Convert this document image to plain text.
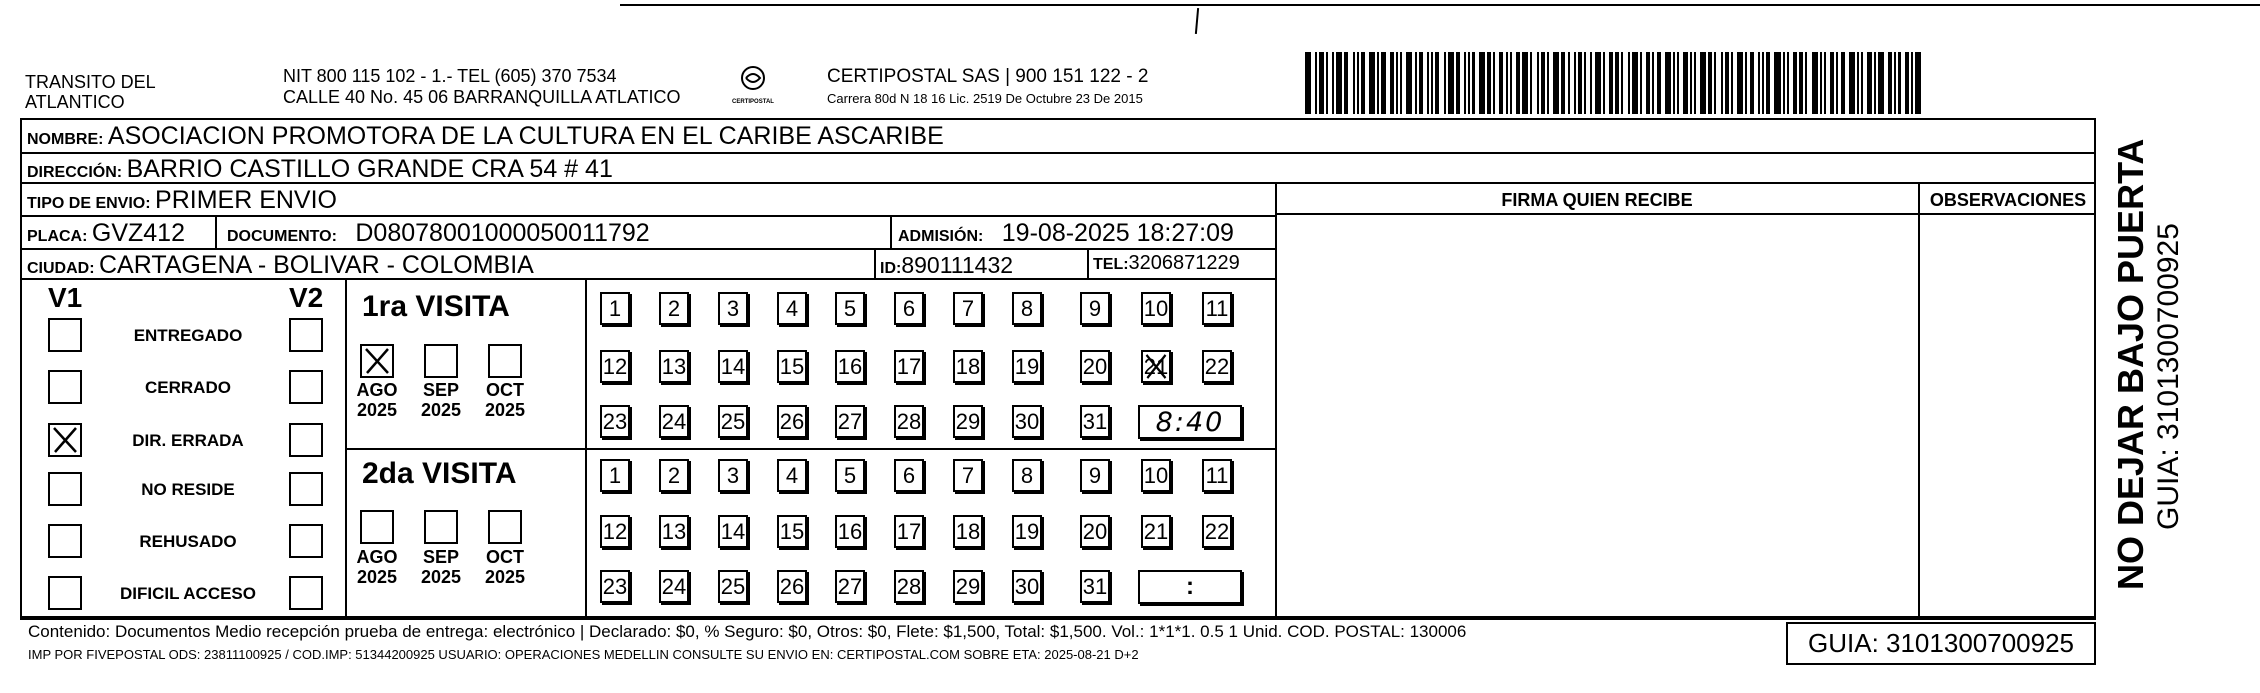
TRANSITO DEL
ATLANTICO
NIT 800 115 102 - 1.- TEL (605) 370 7534
CALLE 40 No. 45 06 BARRANQUILLA ATLATICO	CERTIPOSTAL
CERTIPOSTAL SAS | 900 151 122 - 2
Carrera 80d N 18 16 Lic. 2519 De Octubre 23 De 2015
NOMBRE: ASOCIACION PROMOTORA DE LA CULTURA EN EL CARIBE ASCARIBE
DIRECCIÓN: BARRIO CASTILLO GRANDE CRA 54 # 41
TIPO DE ENVIO: PRIMER ENVIO	FIRMA QUIEN RECIBE	OBSERVACIONES
PLACA: GVZ412	DOCUMENTO: D08078001000050011792	ADMISIÓN: 19-08-2025 18:27:09
CIUDAD: CARTAGENA - BOLIVAR - COLOMBIA	ID:890111432	TEL:3206871229
V1	V2
ENTREGADO
CERRADO
DIR. ERRADA
NO RESIDE
REHUSADO
DIFICIL ACCESO
1ra VISITA
2da VISITA
AGO
2025
SEP
2025
OCT
2025
AGO
2025
SEP
2025
OCT
2025
1	2	3	4	5	6	7	8	9	10 11
12 13 14 15 16 17 18 19 20 21 22
23 24 25 26 27 28 29 30 31	8:40
1	2	3	4	5	6	7	8	9	10 11
12 13 14 15 16 17 18 19 20 21 22
23 24 25 26 27 28 29 30 31	:
Contenido: Documentos Medio recepción prueba de entrega: electrónico | Declarado: $0, % Seguro: $0, Otros: $0, Flete: $1,500, Total: $1,500. Vol.: 1*1*1. 0.5 1 Unid. COD. POSTAL: 130006
IMP POR FIVEPOSTAL ODS: 23811100925 / COD.IMP: 51344200925 USUARIO: OPERACIONES MEDELLIN CONSULTE SU ENVIO EN: CERTIPOSTAL.COM SOBRE ETA: 2025-08-21 D+2	GUIA: 3101300700925
NO DEJAR BAJO PUERTA GUIA: 3101300700925
